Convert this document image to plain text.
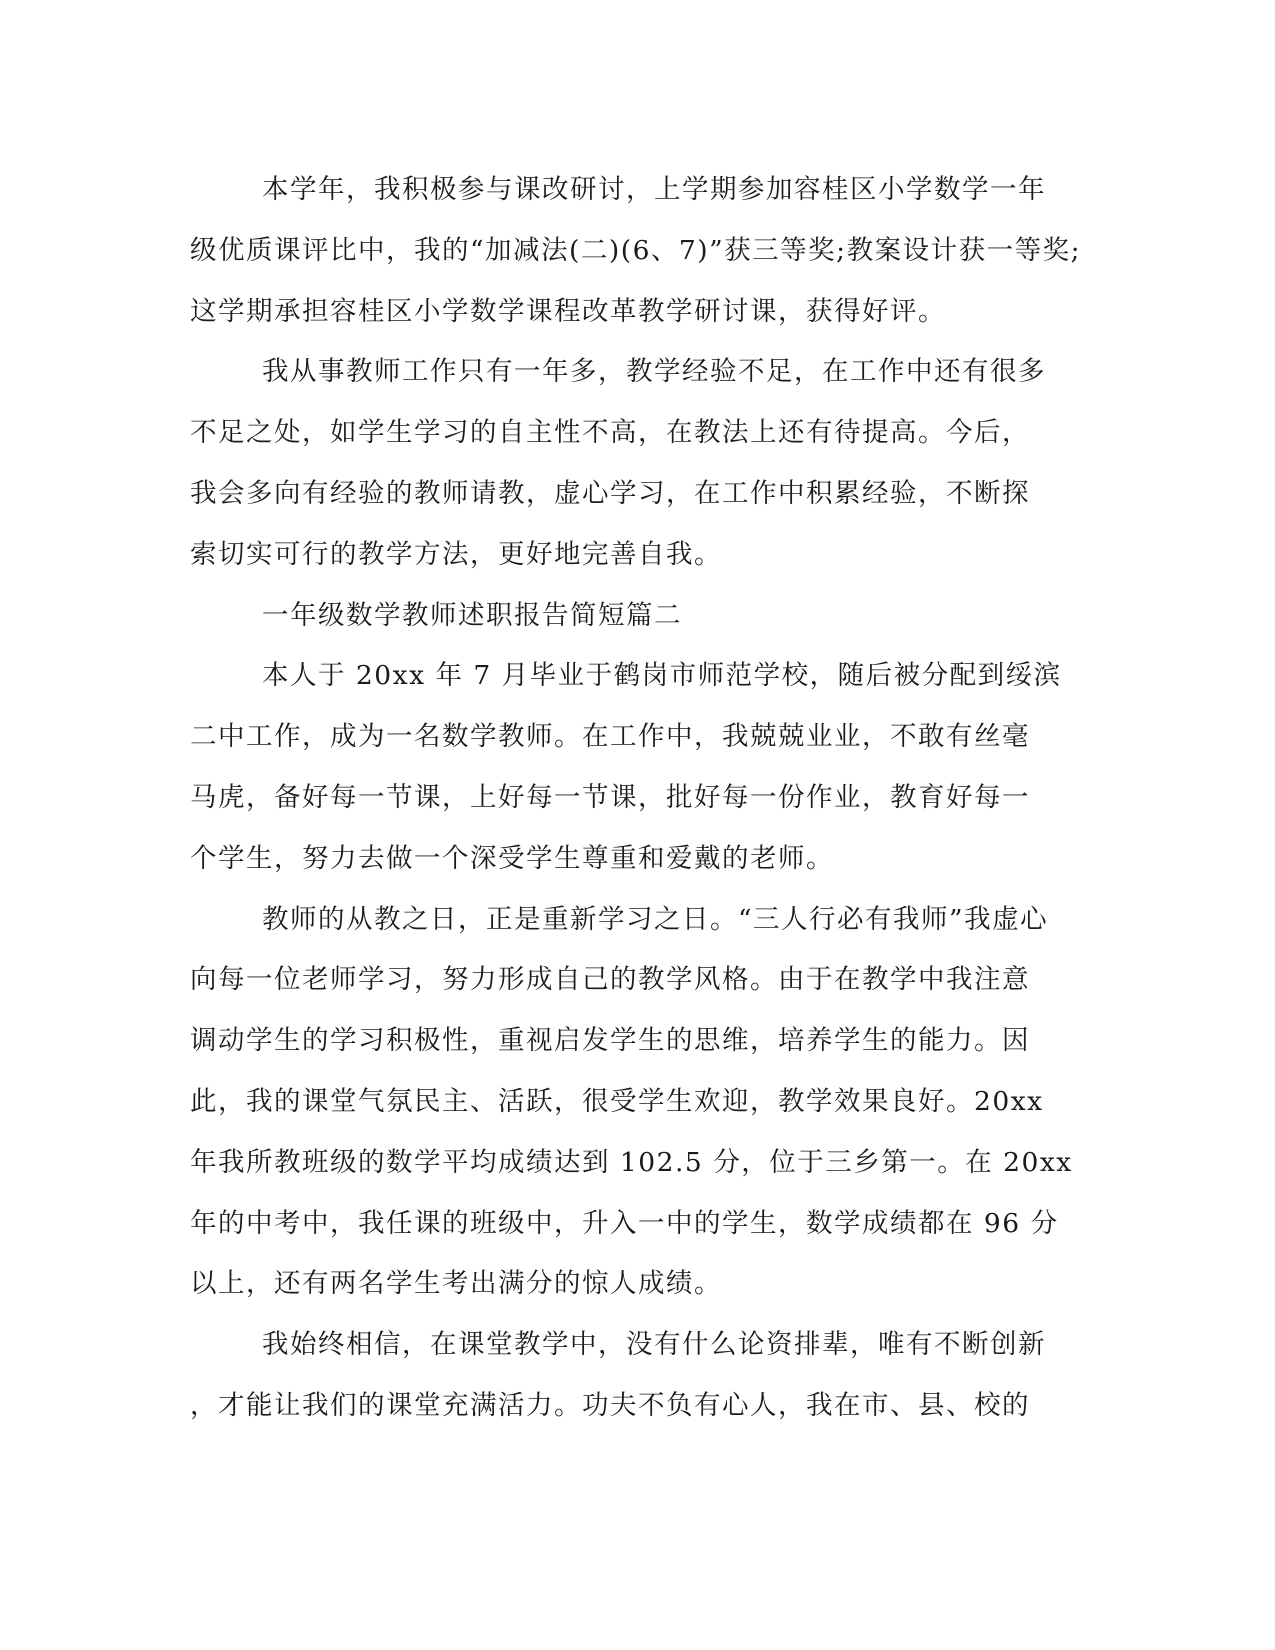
本学年，我积极参与课改研讨，上学期参加容桂区小学数学一年
级优质课评比中，我的“加减法(二)(6、7)”获三等奖;教案设计获一等奖;
这学期承担容桂区小学数学课程改革教学研讨课，获得好评。
我从事教师工作只有一年多，教学经验不足，在工作中还有很多
不足之处，如学生学习的自主性不高，在教法上还有待提高。今后，
我会多向有经验的教师请教，虚心学习，在工作中积累经验，不断探
索切实可行的教学方法，更好地完善自我。
一年级数学教师述职报告简短篇二
本人于 20xx 年 7 月毕业于鹤岗市师范学校，随后被分配到绥滨
二中工作，成为一名数学教师。在工作中，我兢兢业业，不敢有丝毫
马虎，备好每一节课，上好每一节课，批好每一份作业，教育好每一
个学生，努力去做一个深受学生尊重和爱戴的老师。
教师的从教之日，正是重新学习之日。“三人行必有我师”我虚心
向每一位老师学习，努力形成自己的教学风格。由于在教学中我注意
调动学生的学习积极性，重视启发学生的思维，培养学生的能力。因
此，我的课堂气氛民主、活跃，很受学生欢迎，教学效果良好。20xx
年我所教班级的数学平均成绩达到 102.5 分，位于三乡第一。在 20xx
年的中考中，我任课的班级中，升入一中的学生，数学成绩都在 96 分
以上，还有两名学生考出满分的惊人成绩。
我始终相信，在课堂教学中，没有什么论资排辈，唯有不断创新
，才能让我们的课堂充满活力。功夫不负有心人，我在市、县、校的
